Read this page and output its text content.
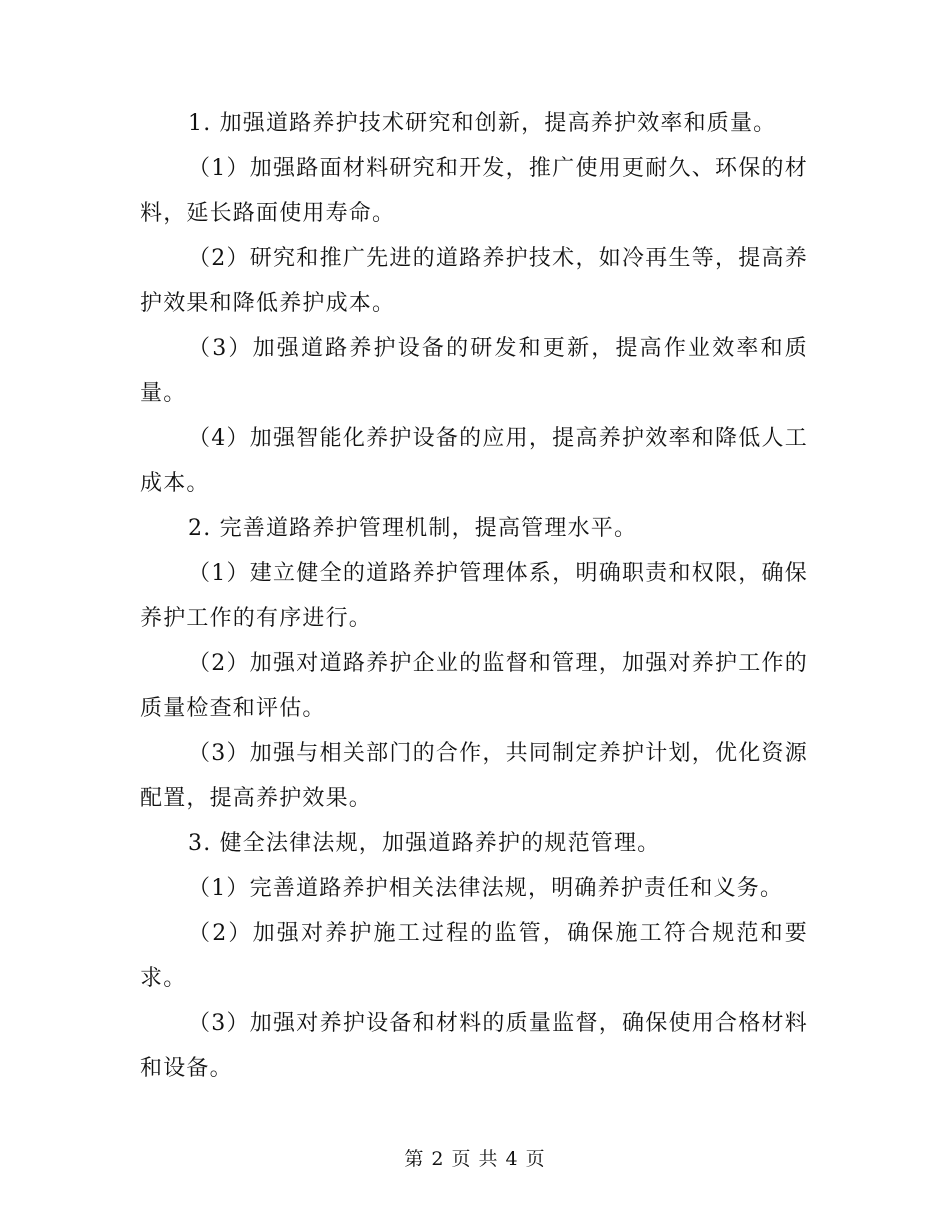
1. 加强道路养护技术研究和创新，提高养护效率和质量。

（1）加强路面材料研究和开发，推广使用更耐久、环保的材料，延长路面使用寿命。

（2）研究和推广先进的道路养护技术，如冷再生等，提高养护效果和降低养护成本。

（3）加强道路养护设备的研发和更新，提高作业效率和质量。

（4）加强智能化养护设备的应用，提高养护效率和降低人工成本。

2. 完善道路养护管理机制，提高管理水平。

（1）建立健全的道路养护管理体系，明确职责和权限，确保养护工作的有序进行。

（2）加强对道路养护企业的监督和管理，加强对养护工作的质量检查和评估。

（3）加强与相关部门的合作，共同制定养护计划，优化资源配置，提高养护效果。

3. 健全法律法规，加强道路养护的规范管理。

（1）完善道路养护相关法律法规，明确养护责任和义务。

（2）加强对养护施工过程的监管，确保施工符合规范和要求。

（3）加强对养护设备和材料的质量监督，确保使用合格材料和设备。

第 2 页 共 4 页
